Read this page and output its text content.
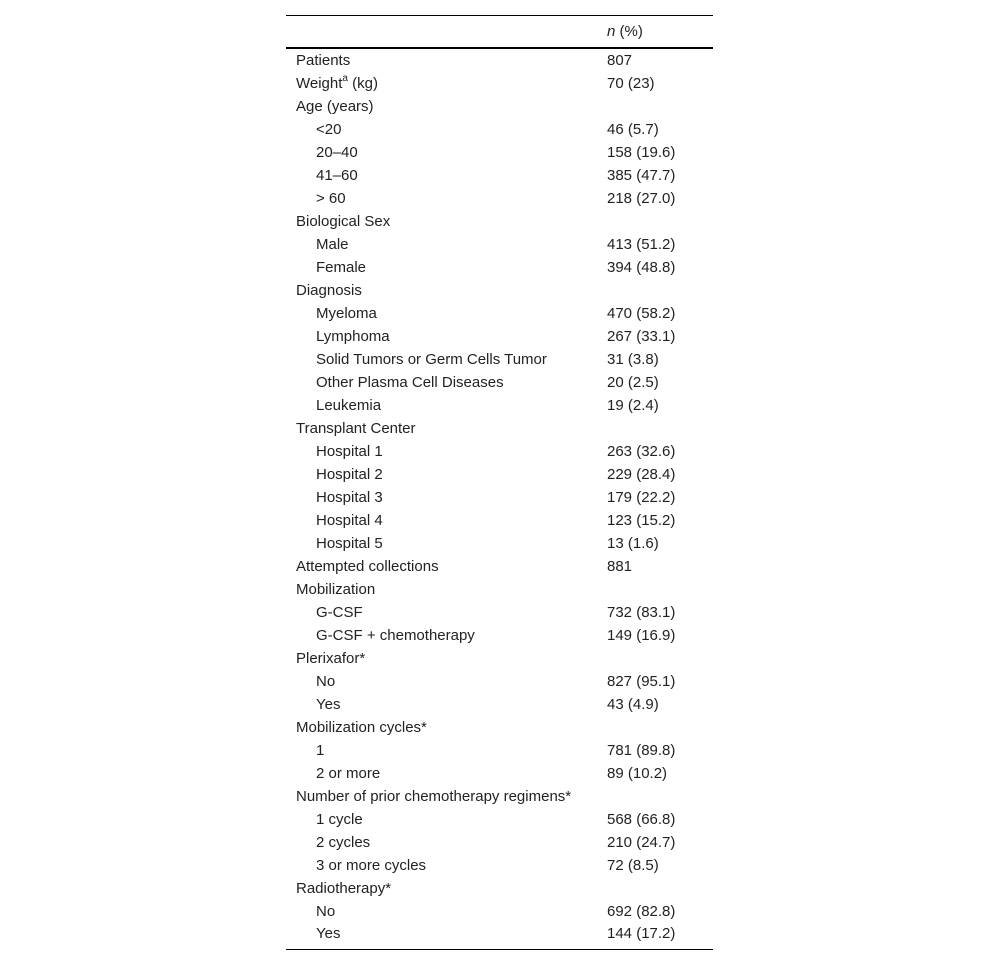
	n (%)
Patients	807
Weight$^a$ (kg)	70 (23)
Age (years)	
<20	46 (5.7)
20–40	158 (19.6)
41–60	385 (47.7)
> 60	218 (27.0)
Biological Sex	
Male	413 (51.2)
Female	394 (48.8)
Diagnosis	
Myeloma	470 (58.2)
Lymphoma	267 (33.1)
Solid Tumors or Germ Cells Tumor	31 (3.8)
Other Plasma Cell Diseases	20 (2.5)
Leukemia	19 (2.4)
Transplant Center	
Hospital 1	263 (32.6)
Hospital 2	229 (28.4)
Hospital 3	179 (22.2)
Hospital 4	123 (15.2)
Hospital 5	13 (1.6)
Attempted collections	881
Mobilization	
G-CSF	732 (83.1)
G-CSF + chemotherapy	149 (16.9)
Plerixafor*	
No	827 (95.1)
Yes	43 (4.9)
Mobilization cycles*	
1	781 (89.8)
2 or more	89 (10.2)
Number of prior chemotherapy regimens*	
1 cycle	568 (66.8)
2 cycles	210 (24.7)
3 or more cycles	72 (8.5)
Radiotherapy*	
No	692 (82.8)
Yes	144 (17.2)
